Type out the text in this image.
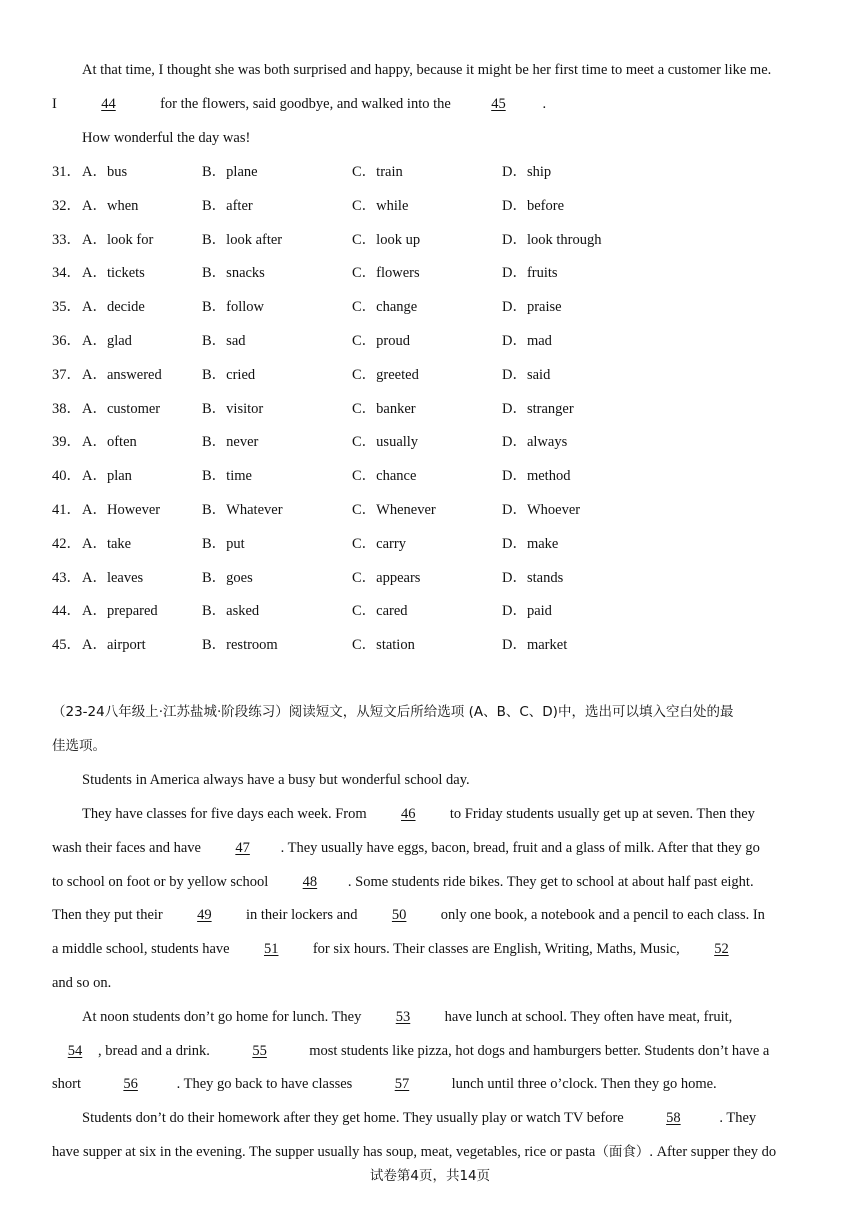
At that time, I thought she was both surprised and happy, because it might be her first time to meet a customer like me.
I	44	for the flowers, said goodbye, and walked into the	45	.
How wonderful the day was!
31． A．bus	B．plane	C．train	D．ship
32． A．when	B．after	C．while	D．before
33． A．look for	B．look after	C．look up	D．look through
34． A．tickets	B．snacks	C．flowers	D．fruits
35． A．decide	B．follow	C．change	D．praise
36． A．glad	B．sad	C．proud	D．mad
37． A．answered	B．cried	C．greeted	D．said
38． A．customer	B．visitor	C．banker	D．stranger
39． A．often	B．never	C．usually	D．always
40． A．plan	B．time	C．chance	D．method
41． A．However	B．Whatever	C．Whenever	D．Whoever
42． A．take	B．put	C．carry	D．make
43． A．leaves	B．goes	C．appears	D．stands
44． A．prepared	B．asked	C．cared	D．paid
45． A．airport	B．restroom	C．station	D．market
（23-24八年级上·江苏盐城·阶段练习）阅读短文，从短文后所给选项 (A、B、C、D)中，选出可以填入空白处的最
佳选项。
Students in America always have a busy but wonderful school day.
They have classes for five days each week. From 46 to Friday students usually get up at seven. Then they
wash their faces and have 47 . They usually have eggs, bacon, bread, fruit and a glass of milk. After that they go
to school on foot or by yellow school 48 . Some students ride bikes. They get to school at about half past eight.
Then they put their 49 in their lockers and 50 only one book, a notebook and a pencil to each class. In
a middle school, students have 51 for six hours. Their classes are English, Writing, Maths, Music, 52
and so on.
At noon students don’t go home for lunch. They 53 have lunch at school. They often have meat, fruit,
54 , bread and a drink.	55	most students like pizza, hot dogs and hamburgers better. Students don’t have a
short	56	. They go back to have classes	57	lunch until three o’clock. Then they go home.
Students don’t do their homework after they get home. They usually play or watch TV before	58	. They
have supper at six in the evening. The supper usually has soup, meat, vegetables, rice or pasta（面食）. After supper they do
试卷第4页，共14页
